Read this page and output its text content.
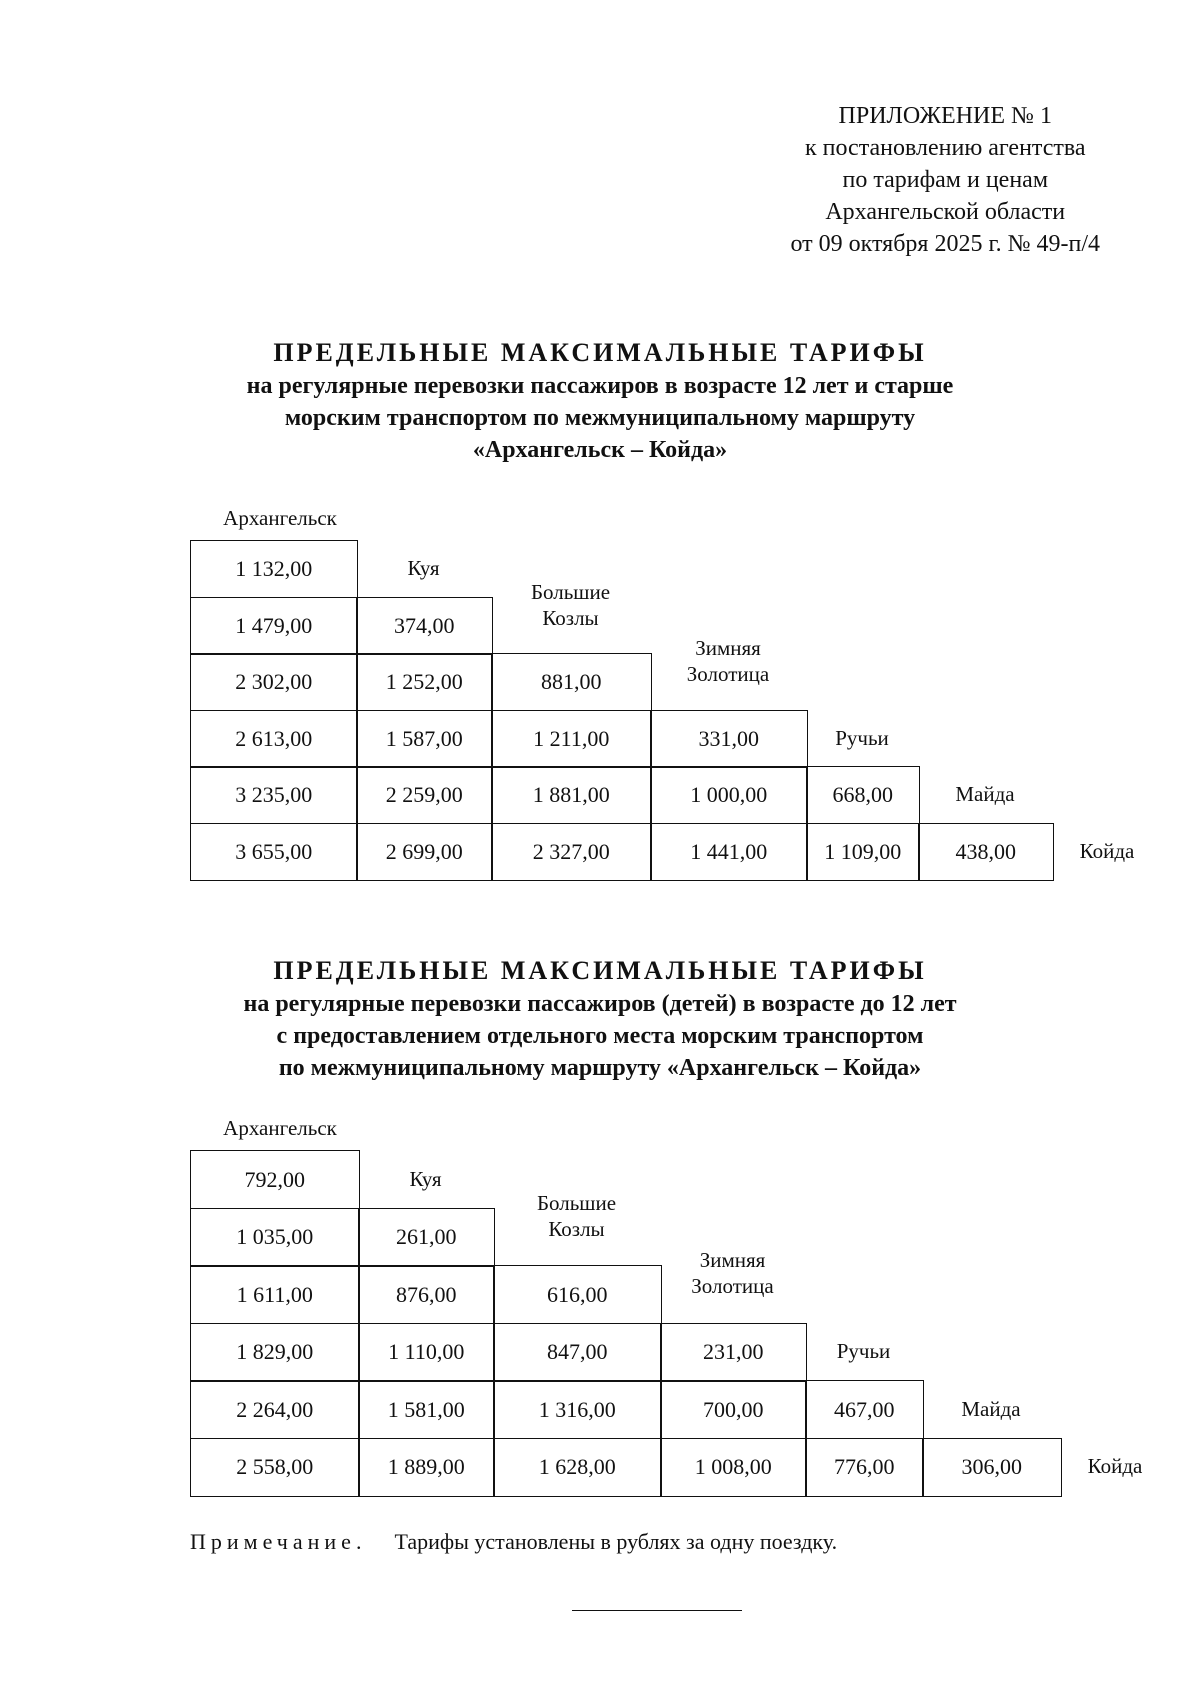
ПРИЛОЖЕНИЕ № 1
к постановлению агентства
по тарифам и ценам
Архангельской области
от 09 октября 2025 г. № 49-п/4
ПРЕДЕЛЬНЫЕ МАКСИМАЛЬНЫЕ ТАРИФЫ
на регулярные перевозки пассажиров в возрасте 12 лет и старше
морским транспортом по межмуниципальному маршруту
«Архангельск – Койда»
Архангельск
1 132,00	Куя
1 479,00	374,00
Большие
Козлы
2 302,00	1 252,00	881,00
Зимняя
Золотица
2 613,00	1 587,00	1 211,00	331,00	Ручьи
3 235,00	2 259,00	1 881,00	1 000,00	668,00	Майда
3 655,00	2 699,00	2 327,00	1 441,00	1 109,00	438,00	Койда
ПРЕДЕЛЬНЫЕ МАКСИМАЛЬНЫЕ ТАРИФЫ
на регулярные перевозки пассажиров (детей) в возрасте до 12 лет
с предоставлением отдельного места морским транспортом
по межмуниципальному маршруту «Архангельск – Койда»
Архангельск
792,00	Куя
1 035,00	261,00
Большие
Козлы
1 611,00	876,00	616,00
Зимняя
Золотица
1 829,00	1 110,00	847,00	231,00	Ручьи
2 264,00	1 581,00	1 316,00	700,00	467,00	Майда
2 558,00	1 889,00	1 628,00	1 008,00	776,00	306,00	Койда
Примечание. Тарифы установлены в рублях за одну поездку.
